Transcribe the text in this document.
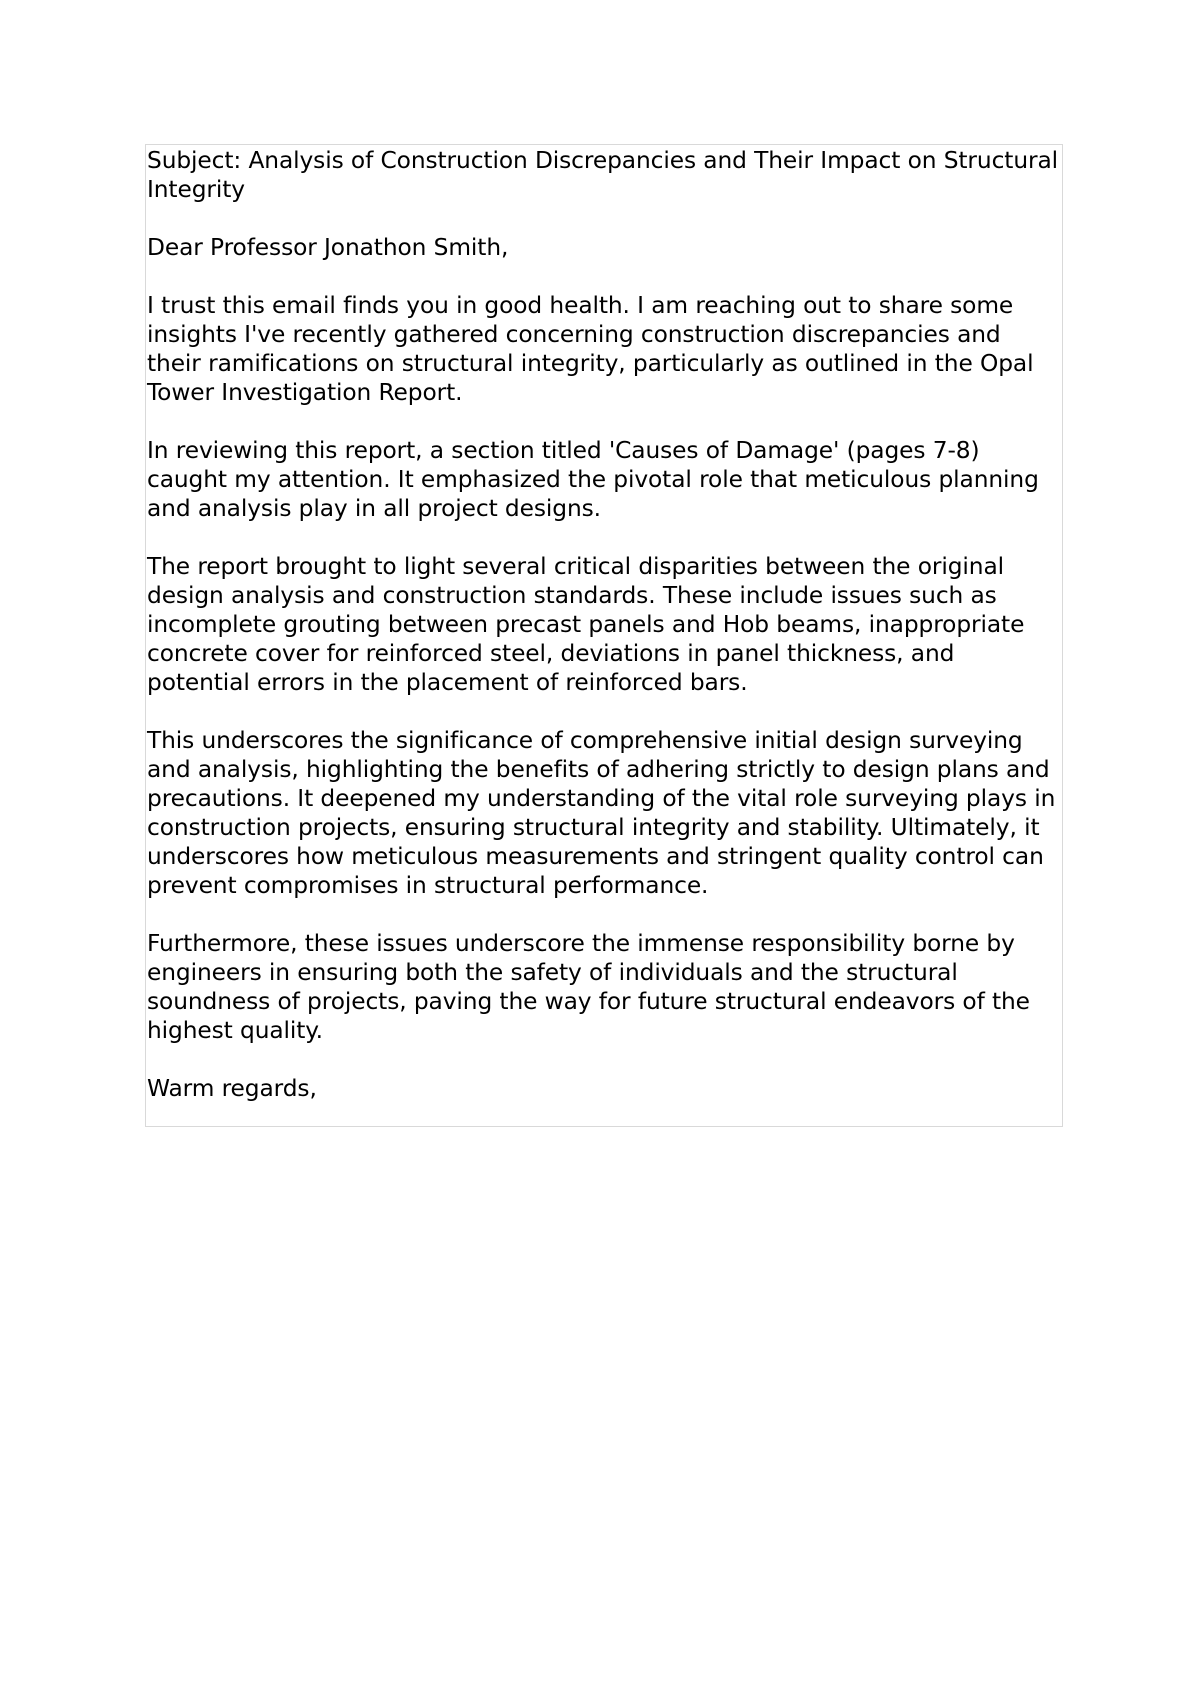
Subject: Analysis of Construction Discrepancies and Their Impact on Structural Integrity

Dear Professor Jonathon Smith,

I trust this email finds you in good health. I am reaching out to share some insights I've recently gathered concerning construction discrepancies and their ramifications on structural integrity, particularly as outlined in the Opal Tower Investigation Report.

In reviewing this report, a section titled 'Causes of Damage' (pages 7-8) caught my attention. It emphasized the pivotal role that meticulous planning and analysis play in all project designs.

The report brought to light several critical disparities between the original design analysis and construction standards. These include issues such as incomplete grouting between precast panels and Hob beams, inappropriate concrete cover for reinforced steel, deviations in panel thickness, and potential errors in the placement of reinforced bars.

This underscores the significance of comprehensive initial design surveying and analysis, highlighting the benefits of adhering strictly to design plans and precautions. It deepened my understanding of the vital role surveying plays in construction projects, ensuring structural integrity and stability. Ultimately, it underscores how meticulous measurements and stringent quality control can prevent compromises in structural performance.

Furthermore, these issues underscore the immense responsibility borne by engineers in ensuring both the safety of individuals and the structural soundness of projects, paving the way for future structural endeavors of the highest quality.

Warm regards,
